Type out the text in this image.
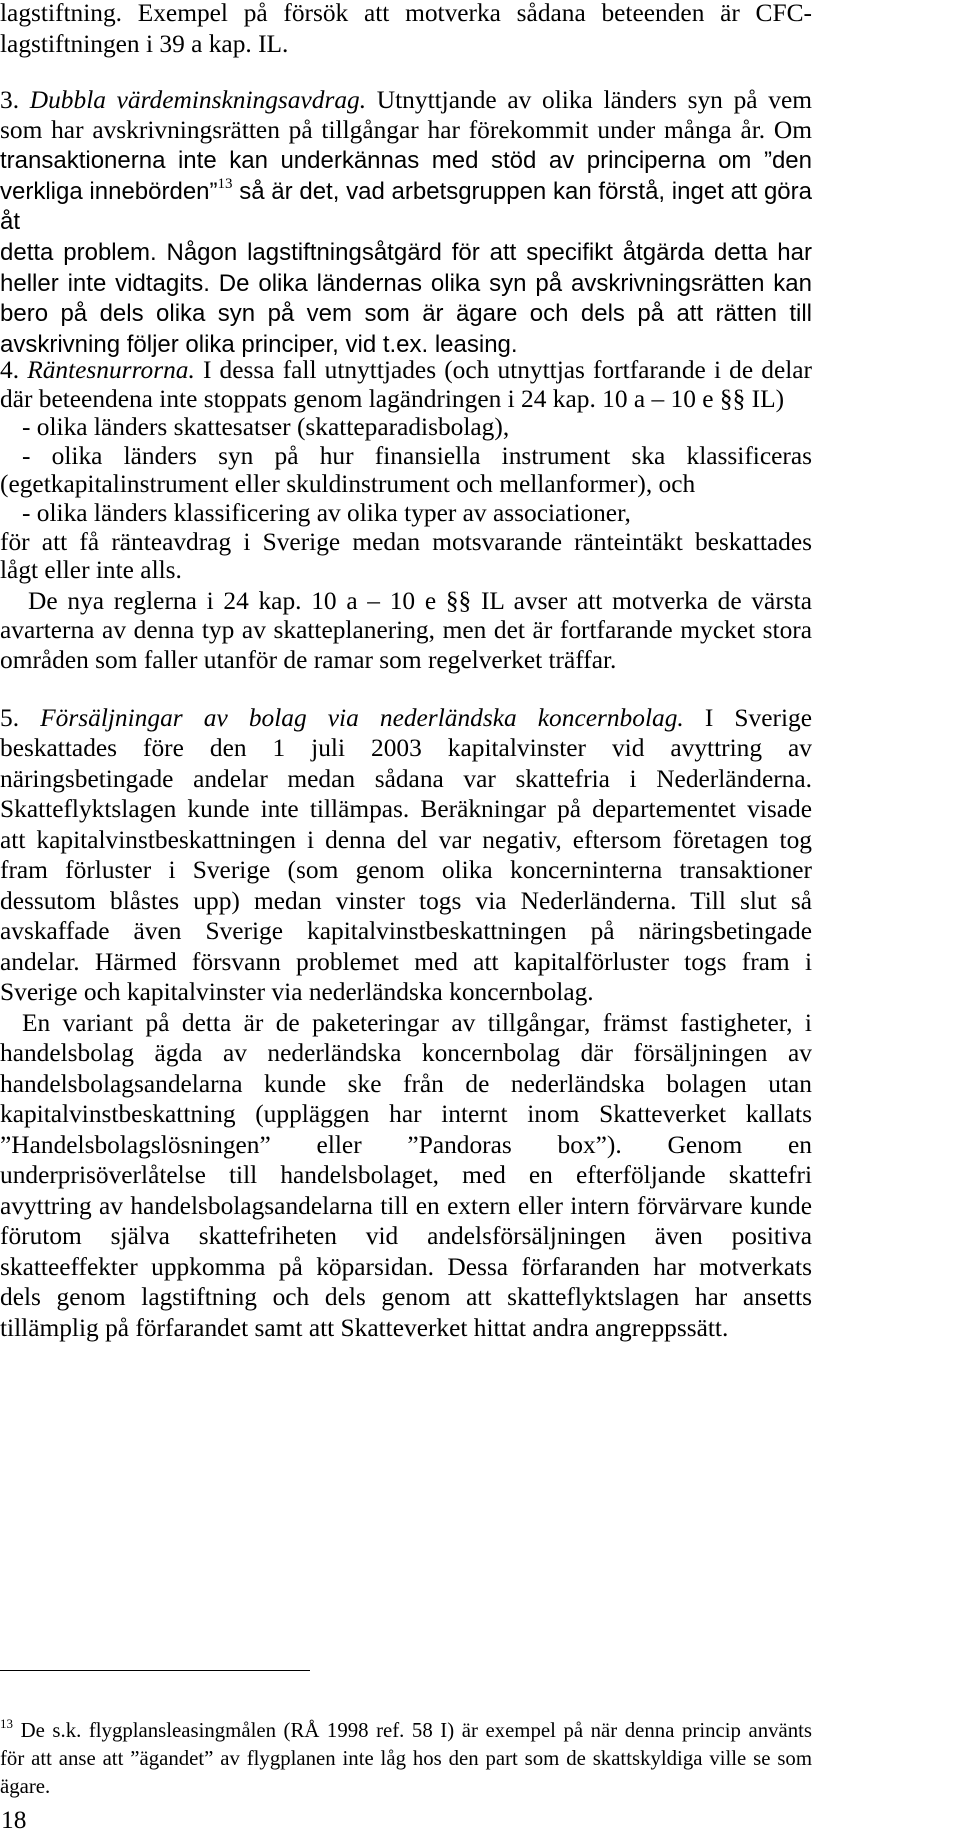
lagstiftning. Exempel på försök att motverka sådana beteenden är CFC-
lagstiftningen i 39 a kap. IL.
3. Dubbla värdeminskningsavdrag. Utnyttjande av olika länders syn på vem
som har avskrivningsrätten på tillgångar har förekommit under många år. Om
transaktionerna inte kan underkännas med stöd av principerna om ”den
verkliga innebörden”$^{13}$ så är det, vad arbetsgruppen kan förstå, inget att göra åt
detta problem. Någon lagstiftningsåtgärd för att specifikt åtgärda detta har
heller inte vidtagits. De olika ländernas olika syn på avskrivningsrätten kan
bero på dels olika syn på vem som är ägare och dels på att rätten till
avskrivning följer olika principer, vid t.ex. leasing.
4. Räntesnurrorna. I dessa fall utnyttjades (och utnyttjas fortfarande i de delar
där beteendena inte stoppats genom lagändringen i 24 kap. 10 a – 10 e §§ IL)
- olika länders skattesatser (skatteparadisbolag),
- olika länders syn på hur finansiella instrument ska klassificeras
(egetkapitalinstrument eller skuldinstrument och mellanformer), och
- olika länders klassificering av olika typer av associationer,
för att få ränteavdrag i Sverige medan motsvarande ränteintäkt beskattades
lågt eller inte alls.
De nya reglerna i 24 kap. 10 a – 10 e §§ IL avser att motverka de värsta
avarterna av denna typ av skatteplanering, men det är fortfarande mycket stora
områden som faller utanför de ramar som regelverket träffar.
5. Försäljningar av bolag via nederländska koncernbolag. I Sverige
beskattades före den 1 juli 2003 kapitalvinster vid avyttring av
näringsbetingade andelar medan sådana var skattefria i Nederländerna.
Skatteflyktslagen kunde inte tillämpas. Beräkningar på departementet visade
att kapitalvinstbeskattningen i denna del var negativ, eftersom företagen tog
fram förluster i Sverige (som genom olika koncerninterna transaktioner
dessutom blåstes upp) medan vinster togs via Nederländerna. Till slut så
avskaffade även Sverige kapitalvinstbeskattningen på näringsbetingade
andelar. Härmed försvann problemet med att kapitalförluster togs fram i
Sverige och kapitalvinster via nederländska koncernbolag.
En variant på detta är de paketeringar av tillgångar, främst fastigheter, i
handelsbolag ägda av nederländska koncernbolag där försäljningen av
handelsbolagsandelarna kunde ske från de nederländska bolagen utan
kapitalvinstbeskattning (uppläggen har internt inom Skatteverket kallats
”Handelsbolagslösningen” eller ”Pandoras box”). Genom en
underprisöverlåtelse till handelsbolaget, med en efterföljande skattefri
avyttring av handelsbolagsandelarna till en extern eller intern förvärvare kunde
förutom själva skattefriheten vid andelsförsäljningen även positiva
skatteeffekter uppkomma på köparsidan. Dessa förfaranden har motverkats
dels genom lagstiftning och dels genom att skatteflyktslagen har ansetts
tillämplig på förfarandet samt att Skatteverket hittat andra angreppssätt.
$^{13}$ De s.k. flygplansleasingmålen (RÅ 1998 ref. 58 I) är exempel på när denna princip använts
för att anse att ”ägandet” av flygplanen inte låg hos den part som de skattskyldiga ville se som
ägare.
18
